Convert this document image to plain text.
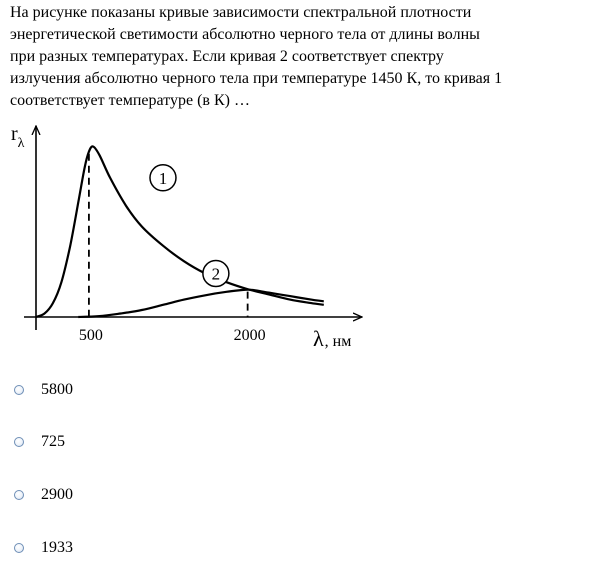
На рисунке показаны кривые зависимости спектральной плотности
энергетической светимости абсолютно черного тела от длины волны
при разных температурах. Если кривая 2 соответствует спектру
излучения абсолютно черного тела при температуре 1450 К, то кривая 1
соответствует температуре (в К) …

$r_\lambda$
500	2000
1
2
λ, нм
5800
725
2900
1933
